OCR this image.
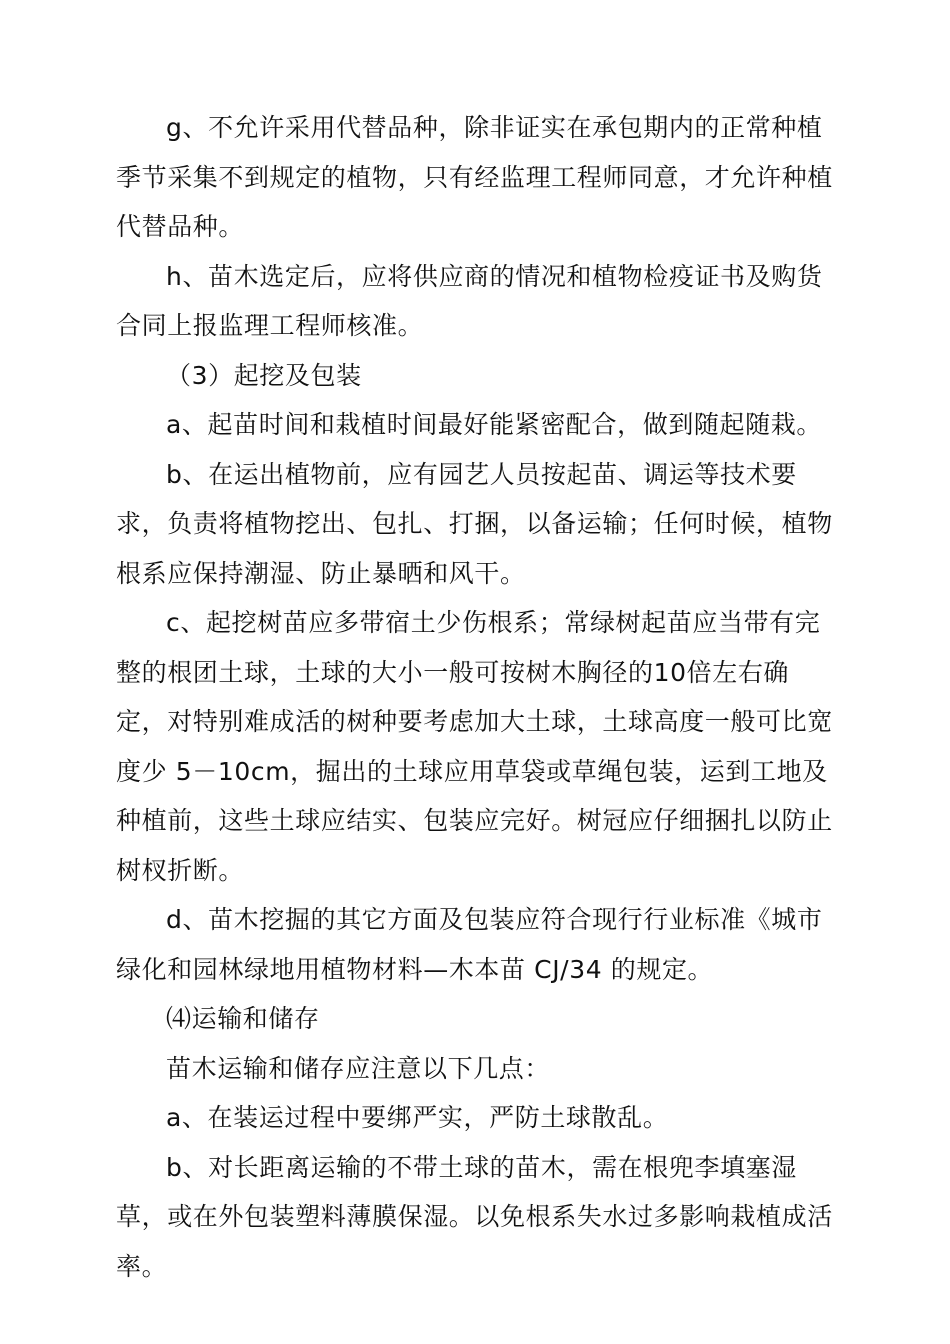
g、不允许采用代替品种，除非证实在承包期内的正常种植季节采集不到规定的植物，只有经监理工程师同意，才允许种植代替品种。

h、苗木选定后，应将供应商的情况和植物检疫证书及购货合同上报监理工程师核准。

（3）起挖及包装

a、起苗时间和栽植时间最好能紧密配合，做到随起随栽。

b、在运出植物前，应有园艺人员按起苗、调运等技术要求，负责将植物挖出、包扎、打捆，以备运输；任何时候，植物根系应保持潮湿、防止暴晒和风干。

c、起挖树苗应多带宿土少伤根系；常绿树起苗应当带有完整的根团土球，土球的大小一般可按树木胸径的10倍左右确定，对特别难成活的树种要考虑加大土球，土球高度一般可比宽度少 5－10cm，掘出的土球应用草袋或草绳包装，运到工地及种植前，这些土球应结实、包装应完好。树冠应仔细捆扎以防止树杈折断。

d、苗木挖掘的其它方面及包装应符合现行行业标准《城市绿化和园林绿地用植物材料—木本苗 CJ/34 的规定。

⑷运输和储存

苗木运输和储存应注意以下几点：

a、在装运过程中要绑严实，严防土球散乱。

b、对长距离运输的不带土球的苗木，需在根兜李填塞湿草，或在外包装塑料薄膜保湿。以免根系失水过多影响栽植成活率。
